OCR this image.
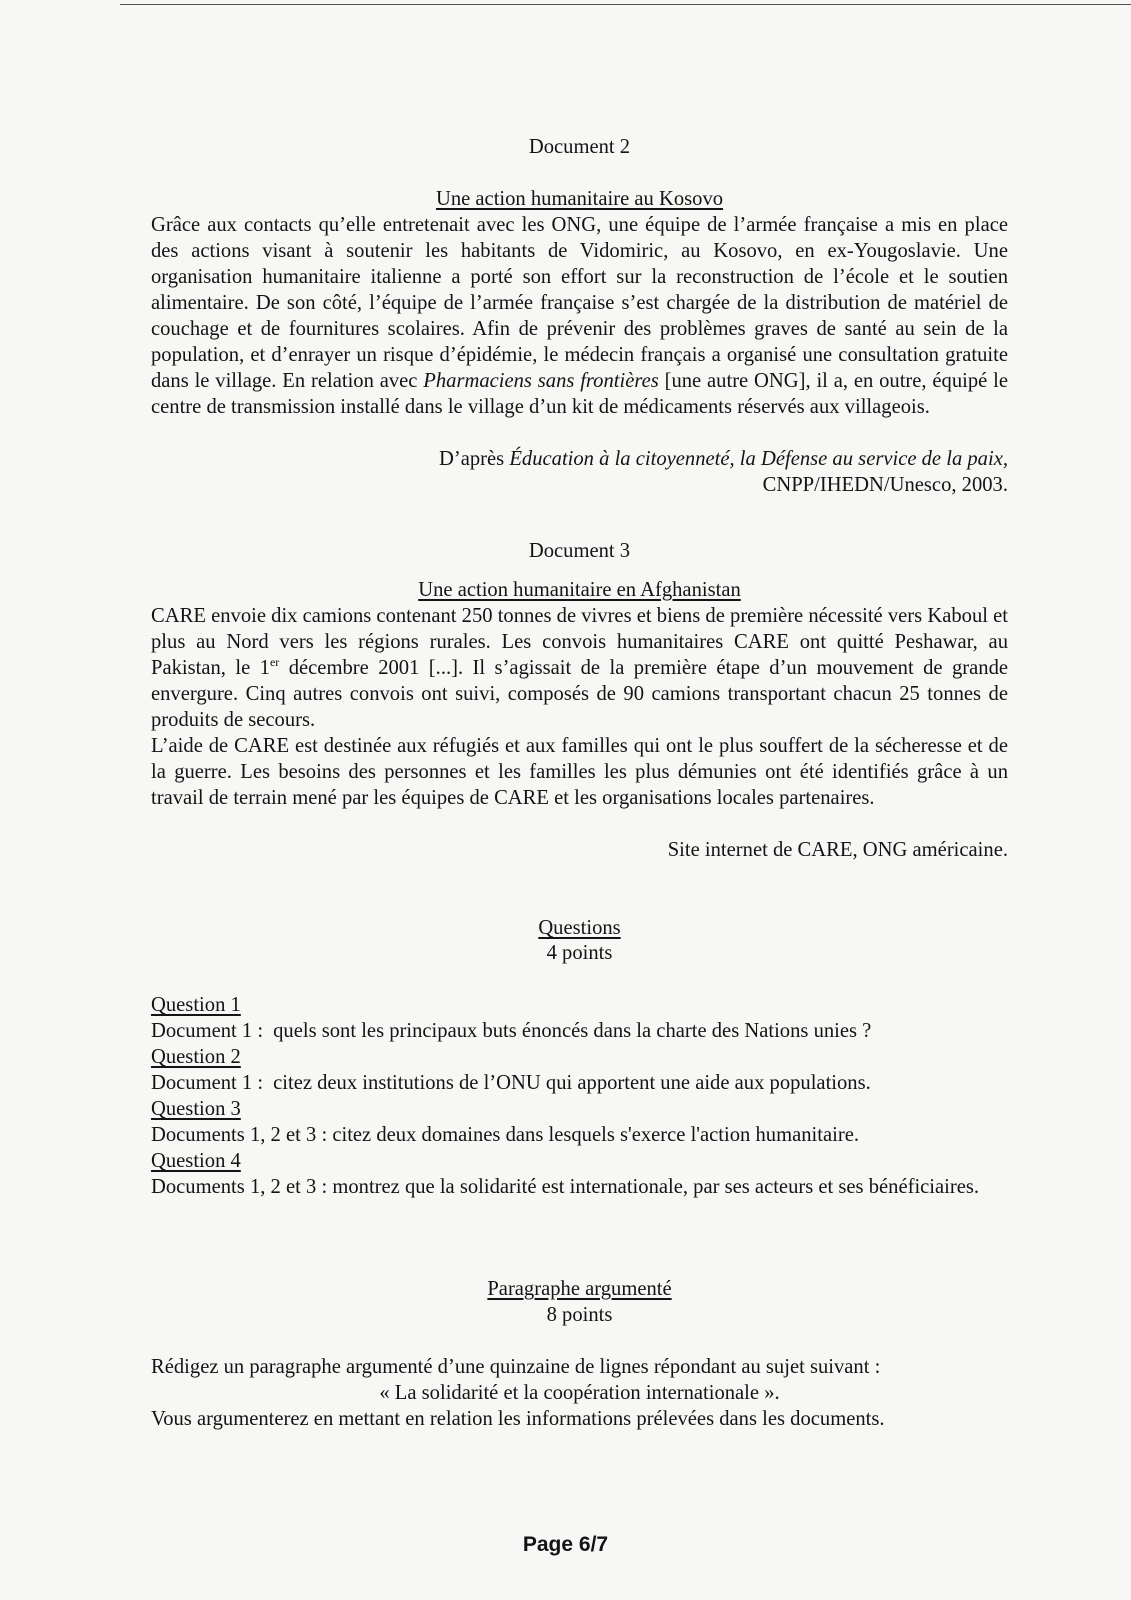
Document 2
Une action humanitaire au Kosovo

Grâce aux contacts qu’elle entretenait avec les ONG, une équipe de l’armée française a mis en place des actions visant à soutenir les habitants de Vidomiric, au Kosovo, en ex-Yougoslavie. Une organisation humanitaire italienne a porté son effort sur la reconstruction de l’école et le soutien alimentaire. De son côté, l’équipe de l’armée française s’est chargée de la distribution de matériel de couchage et de fournitures scolaires. Afin de prévenir des problèmes graves de santé au sein de la population, et d’enrayer un risque d’épidémie, le médecin français a organisé une consultation gratuite dans le village. En relation avec Pharmaciens sans frontières [une autre ONG], il a, en outre, équipé le centre de transmission installé dans le village d’un kit de médicaments réservés aux villageois.

D’après Éducation à la citoyenneté, la Défense au service de la paix,
CNPP/IHEDN/Unesco, 2003.
Document 3
Une action humanitaire en Afghanistan

CARE envoie dix camions contenant 250 tonnes de vivres et biens de première nécessité vers Kaboul et plus au Nord vers les régions rurales. Les convois humanitaires CARE ont quitté Peshawar, au Pakistan, le 1er décembre 2001 [...]. Il s’agissait de la première étape d’un mouvement de grande envergure. Cinq autres convois ont suivi, composés de 90 camions transportant chacun 25 tonnes de produits de secours.

L’aide de CARE est destinée aux réfugiés et aux familles qui ont le plus souffert de la sécheresse et de la guerre. Les besoins des personnes et les familles les plus démunies ont été identifiés grâce à un travail de terrain mené par les équipes de CARE et les organisations locales partenaires.

Site internet de CARE, ONG américaine.
Questions
4 points
Question 1
Document 1 : quels sont les principaux buts énoncés dans la charte des Nations unies ?
Question 2
Document 1 : citez deux institutions de l’ONU qui apportent une aide aux populations.
Question 3
Documents 1, 2 et 3 : citez deux domaines dans lesquels s'exerce l'action humanitaire.
Question 4

Documents 1, 2 et 3 : montrez que la solidarité est internationale, par ses acteurs et ses bénéficiaires.

Paragraphe argumenté
8 points
Rédigez un paragraphe argumenté d’une quinzaine de lignes répondant au sujet suivant :
« La solidarité et la coopération internationale ».
Vous argumenterez en mettant en relation les informations prélevées dans les documents.
Page 6/7
